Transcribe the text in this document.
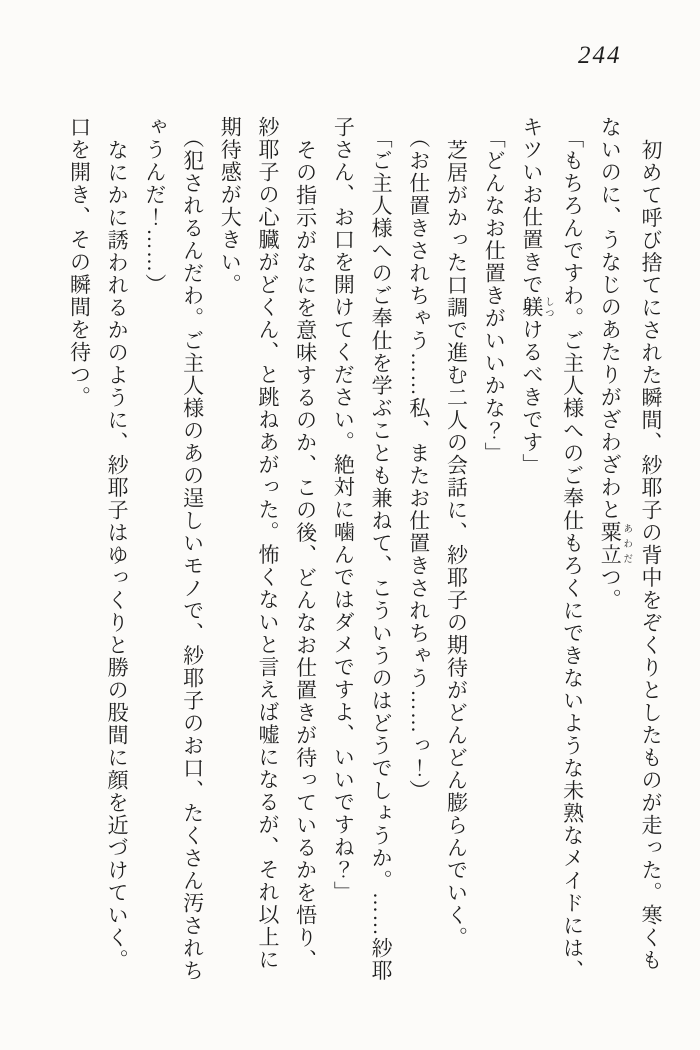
244

初めて呼び捨てにされた瞬間、紗耶子の背中をぞくりとしたものが走った。寒くも

ないのに、うなじのあたりがざわざわと粟立 あわだつ。

「もちろんですわ。ご主人様へのご奉仕もろくにできないような未熟なメイドには、

キツいお仕置きで躾 しつけるべきです」

「どんなお仕置きがいいかな？」

芝居がかった口調で進む二人の会話に、紗耶子の期待がどんどん膨らんでいく。

（お仕置きされちゃう……私、またお仕置きされちゃう……っ！）

「ご主人様へのご奉仕を学ぶことも兼ねて、こういうのはどうでしょうか。……紗耶

子さん、お口を開けてください。絶対に噛んではダメですよ、いいですね？」

その指示がなにを意味するのか、この後、どんなお仕置きが待っているかを悟り、

紗耶子の心臓がどくん、と跳ねあがった。怖くないと言えば嘘になるが、それ以上に

期待感が大きい。

（犯されるんだわ。ご主人様のあの逞しいモノで、紗耶子のお口、たくさん汚されち

ゃうんだ！……）

なにかに誘われるかのように、紗耶子はゆっくりと勝の股間に顔を近づけていく。

口を開き、その瞬間を待つ。
